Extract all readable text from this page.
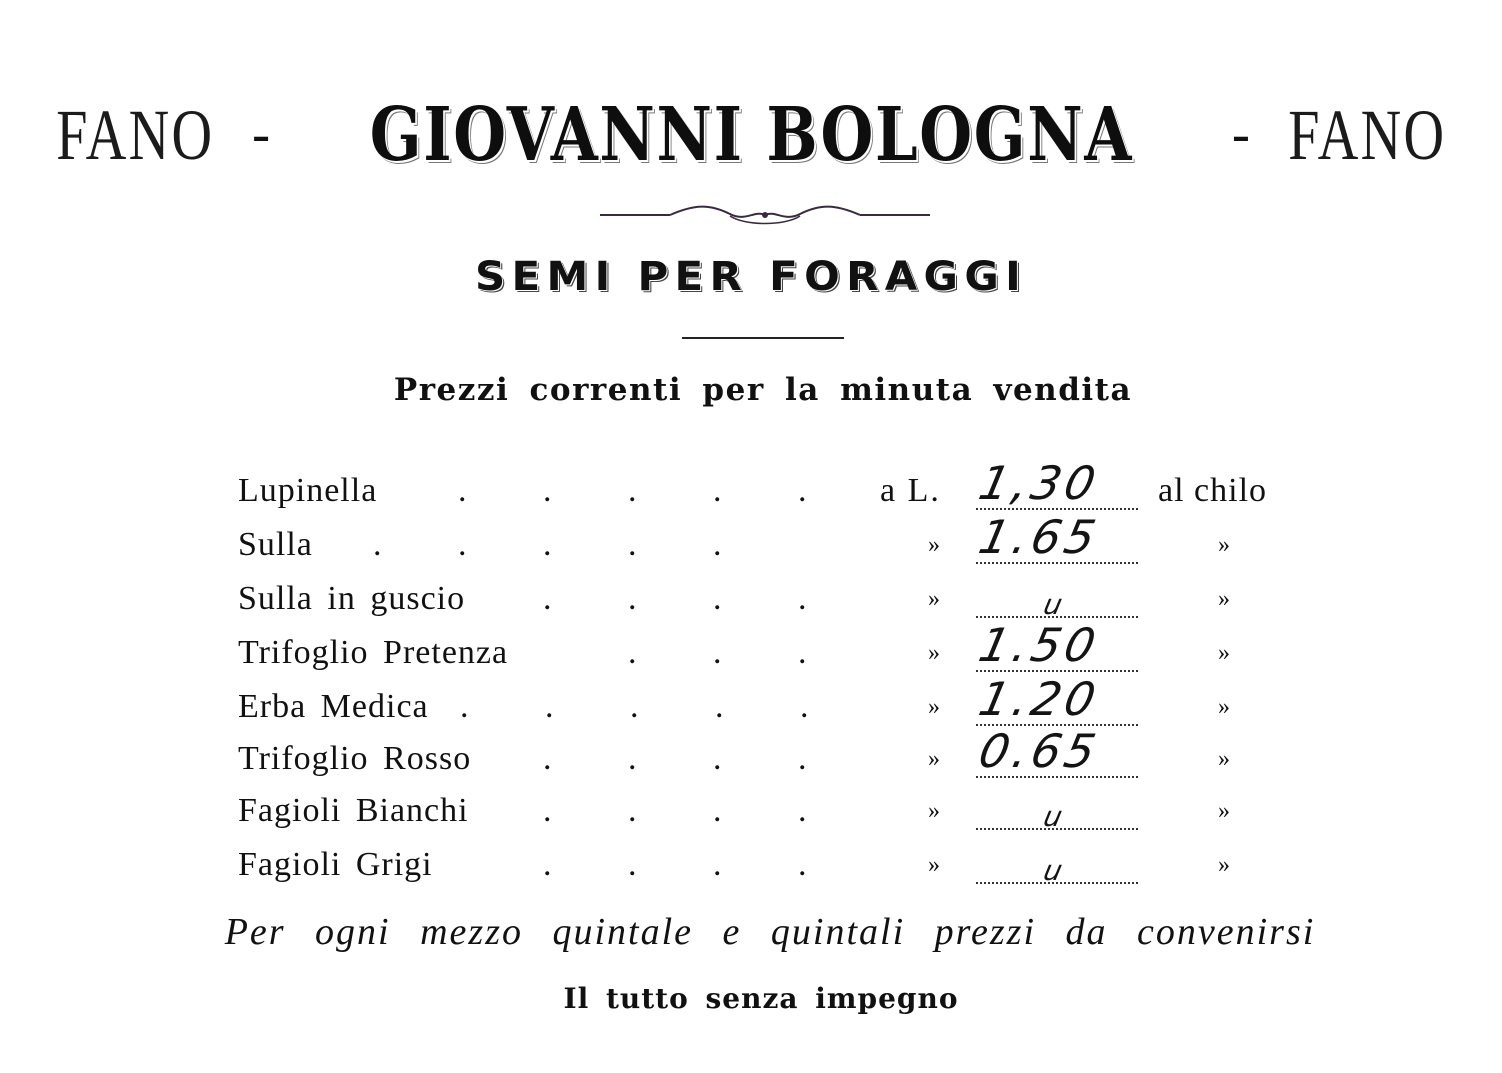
FANO - GIOVANNI BOLOGNA - FANO
SEMI PER FORAGGI
Prezzi correnti per la minuta vendita
Lupinella . . . . .	a L. 1,30	al chilo
Sulla . . . . .	» 1.65	»
Sulla in guscio . . . .	»	u	»
Trifoglio Pretenza	. . .	» 1.50	»
Erba Medica . . . . .	» 1.20	»
Trifoglio Rosso . . . .	» 0.65	»
Fagioli Bianchi . . . .	»	u	»
Fagioli Grigi	. . . .	»	u	»
Per ogni mezzo quintale e quintali prezzi da convenirsi
Il tutto senza impegno
